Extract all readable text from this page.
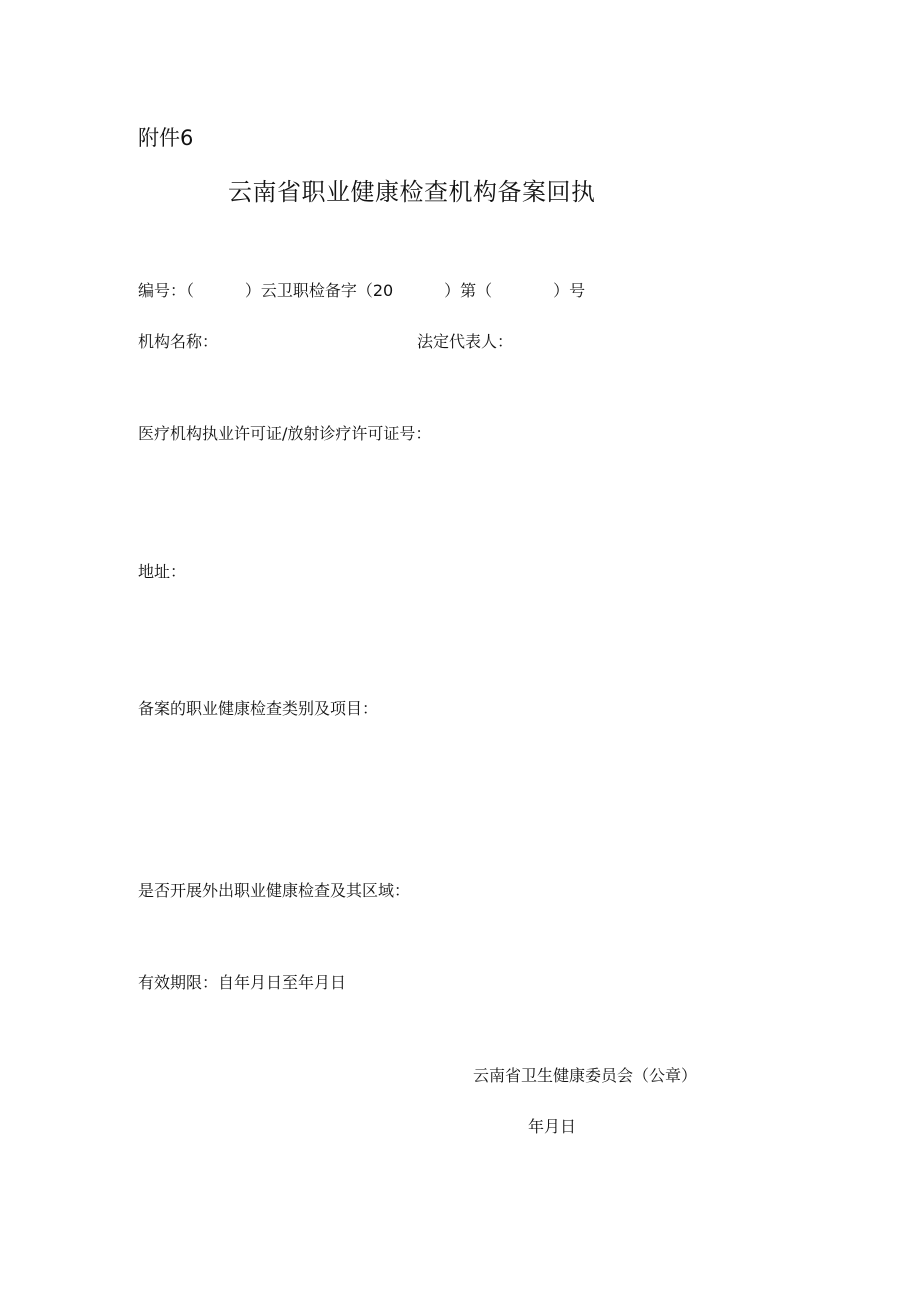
附件6
云南省职业健康检查机构备案回执
编号：（          ）云卫职检备字（20          ）第（            ）号
机构名称：	法定代表人：
医疗机构执业许可证/放射诊疗许可证号：
地址：
备案的职业健康检查类别及项目：
是否开展外出职业健康检查及其区域：
有效期限：自年月日至年月日
云南省卫生健康委员会（公章）
年月日
